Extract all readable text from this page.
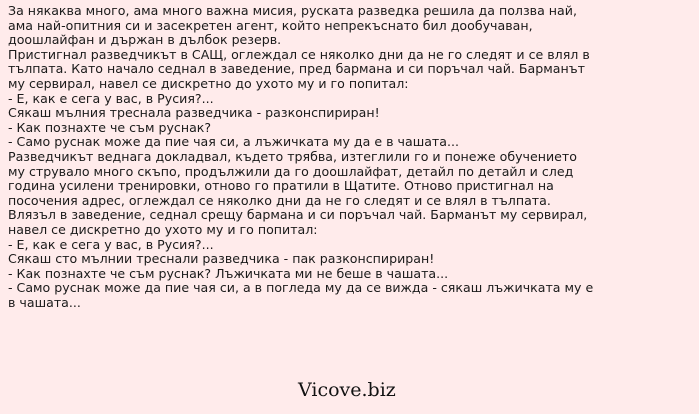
За някаква много, ама много важна мисия, руската разведка решила да ползва най,
ама най-опитния си и засекретен агент, който непрекъснато бил дообучаван,
доошлайфан и държан в дълбок резерв.
Пристигнал разведчикът в САЩ, оглеждал се няколко дни да не го следят и се влял в
тълпата. Като начало седнал в заведение, пред бармана и си поръчал чай. Барманът
му сервирал, навел се дискретно до ухото му и го попитал:
- Е, как е сега у вас, в Русия?...
Сякаш мълния треснала разведчика - разконспириран!
- Как познахте че съм руснак?
- Само руснак може да пие чая си, а лъжичката му да е в чашата...
Разведчикът веднага докладвал, където трябва, изтеглили го и понеже обучението
му струвало много скъпо, продължили да го доошлайфат, детайл по детайл и след
година усилени тренировки, отново го пратили в Щатите. Отново пристигнал на
посочения адрес, оглеждал се няколко дни да не го следят и се влял в тълпата.
Влязъл в заведение, седнал срещу бармана и си поръчал чай. Барманът му сервирал,
навел се дискретно до ухото му и го попитал:
- Е, как е сега у вас, в Русия?...
Сякаш сто мълнии треснали разведчика - пак разконспириран!
- Как познахте че съм руснак? Лъжичката ми не беше в чашата...
- Само руснак може да пие чая си, а в погледа му да се вижда - сякаш лъжичката му е
в чашата...
Vicove.biz
